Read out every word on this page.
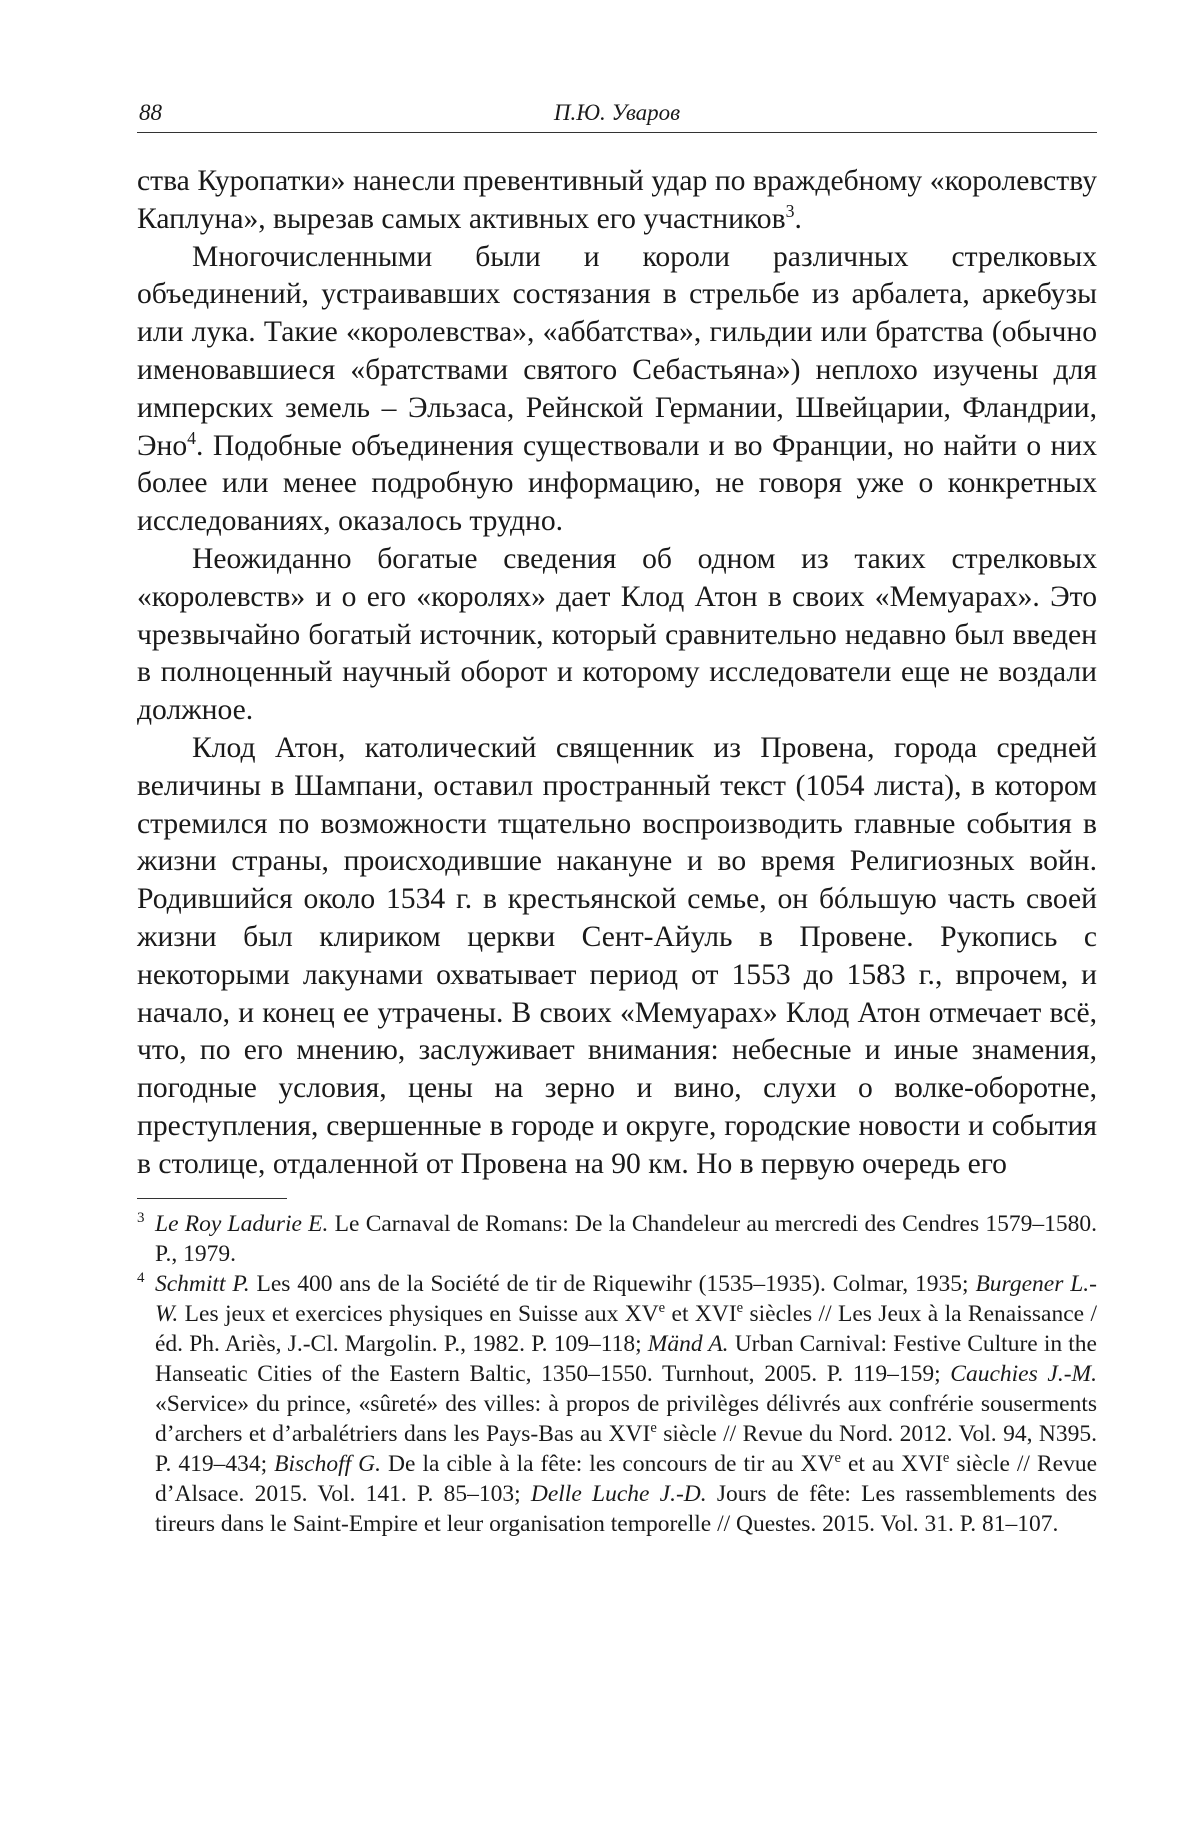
88	П.Ю. Уваров

ства Куропатки» нанесли превентивный удар по враждебному «королевству Каплуна», вырезав самых активных его участников$^3$.

Многочисленными были и короли различных стрелковых объединений, устраивавших состязания в стрельбе из арбалета, аркебузы или лука. Такие «королевства», «аббатства», гильдии или братства (обычно именовавшиеся «братствами святого Себастьяна») неплохо изучены для имперских земель – Эльзаса, Рейнской Германии, Швейцарии, Фландрии, Эно$^4$. Подобные объединения существовали и во Франции, но найти о них более или менее подробную информацию, не говоря уже о конкретных исследованиях, оказалось трудно.

Неожиданно богатые сведения об одном из таких стрелковых «королевств» и о его «королях» дает Клод Атон в своих «Мемуарах». Это чрезвычайно богатый источник, который сравнительно недавно был введен в полноценный научный оборот и которому исследователи еще не воздали должное.

Клод Атон, католический священник из Провена, города средней величины в Шампани, оставил пространный текст (1054 листа), в котором стремился по возможности тщательно воспроизводить главные события в жизни страны, происходившие накануне и во время Религиозных войн. Родившийся около 1534 г. в крестьянской семье, он бóльшую часть своей жизни был клириком церкви Сент-Айуль в Провене. Рукопись с некоторыми лакунами охватывает период от 1553 до 1583 г., впрочем, и начало, и конец ее утрачены. В своих «Мемуарах» Клод Атон отмечает всё, что, по его мнению, заслуживает внимания: небесные и иные знамения, погодные условия, цены на зерно и вино, слухи о волке-оборотне, преступления, свершенные в городе и округе, городские новости и события в столице, отдаленной от Провена на 90 км. Но в первую очередь его

3 Le Roy Ladurie E. Le Carnaval de Romans: De la Chandeleur au mercredi des Cendres 1579–1580. P., 1979.

4 Schmitt P. Les 400 ans de la Société de tir de Riquewihr (1535–1935). Colmar, 1935; Burgener L.-W. Les jeux et exercices physiques en Suisse aux XVe et XVIe siècles // Les Jeux à la Renaissance / éd. Ph. Ariès, J.-Cl. Margolin. P., 1982. P. 109–118; Mänd A. Urban Carnival: Festive Culture in the Hanseatic Cities of the Eastern Baltic, 1350–1550. Turnhout, 2005. P. 119–159; Cauchies J.-M. «Service» du prince, «sûreté» des villes: à propos de privilèges délivrés aux confrérie souserments d’archers et d’arbalétriers dans les Pays-Bas au XVIe siècle // Revue du Nord. 2012. Vol. 94, N395. P. 419–434; Bischoff G. De la cible à la fête: les concours de tir au XVe et au XVIe siècle // Revue d’Alsace. 2015. Vol. 141. P. 85–103; Delle Luche J.-D. Jours de fête: Les rassemblements des tireurs dans le Saint-Empire et leur organisation temporelle // Questes. 2015. Vol. 31. P. 81–107.
